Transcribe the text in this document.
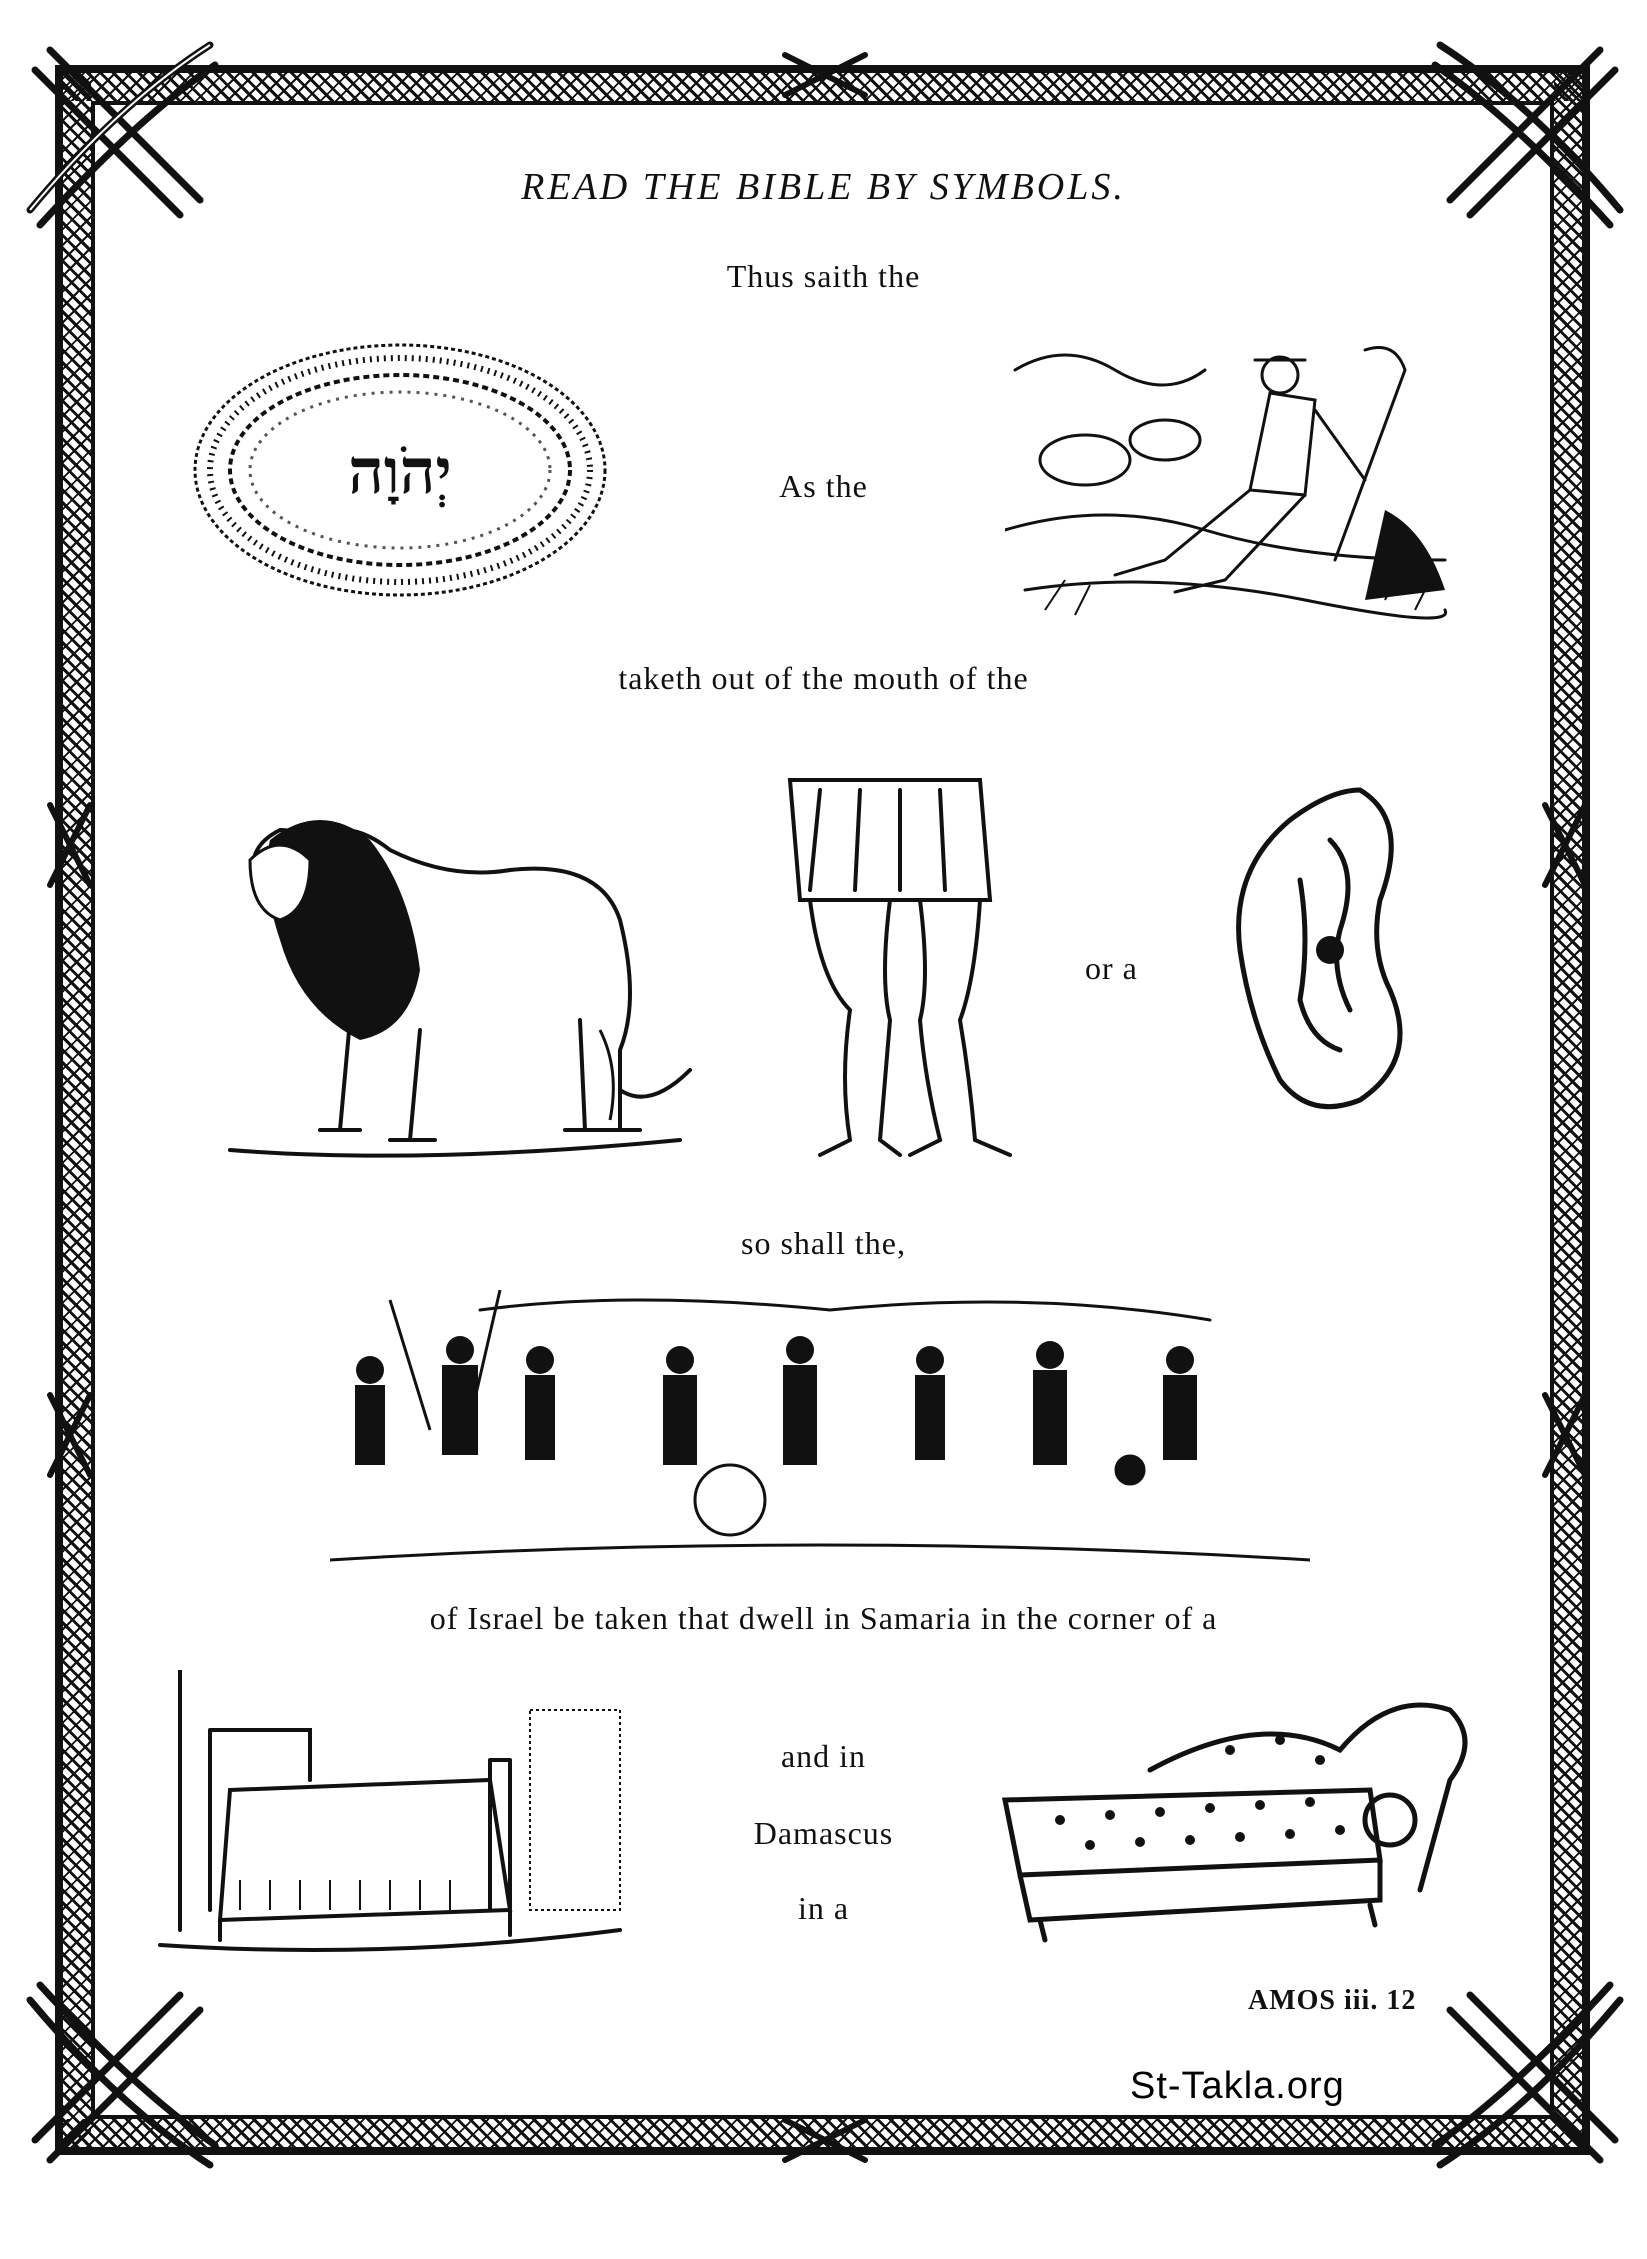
READ THE BIBLE BY SYMBOLS.
Thus saith the
יְהֹוָה	As the
taketh out of the mouth of the
or a
so shall the,
of Israel be taken that dwell in Samaria in the corner of a
and in
Damascus
in a
AMOS iii. 12
St-Takla.org
